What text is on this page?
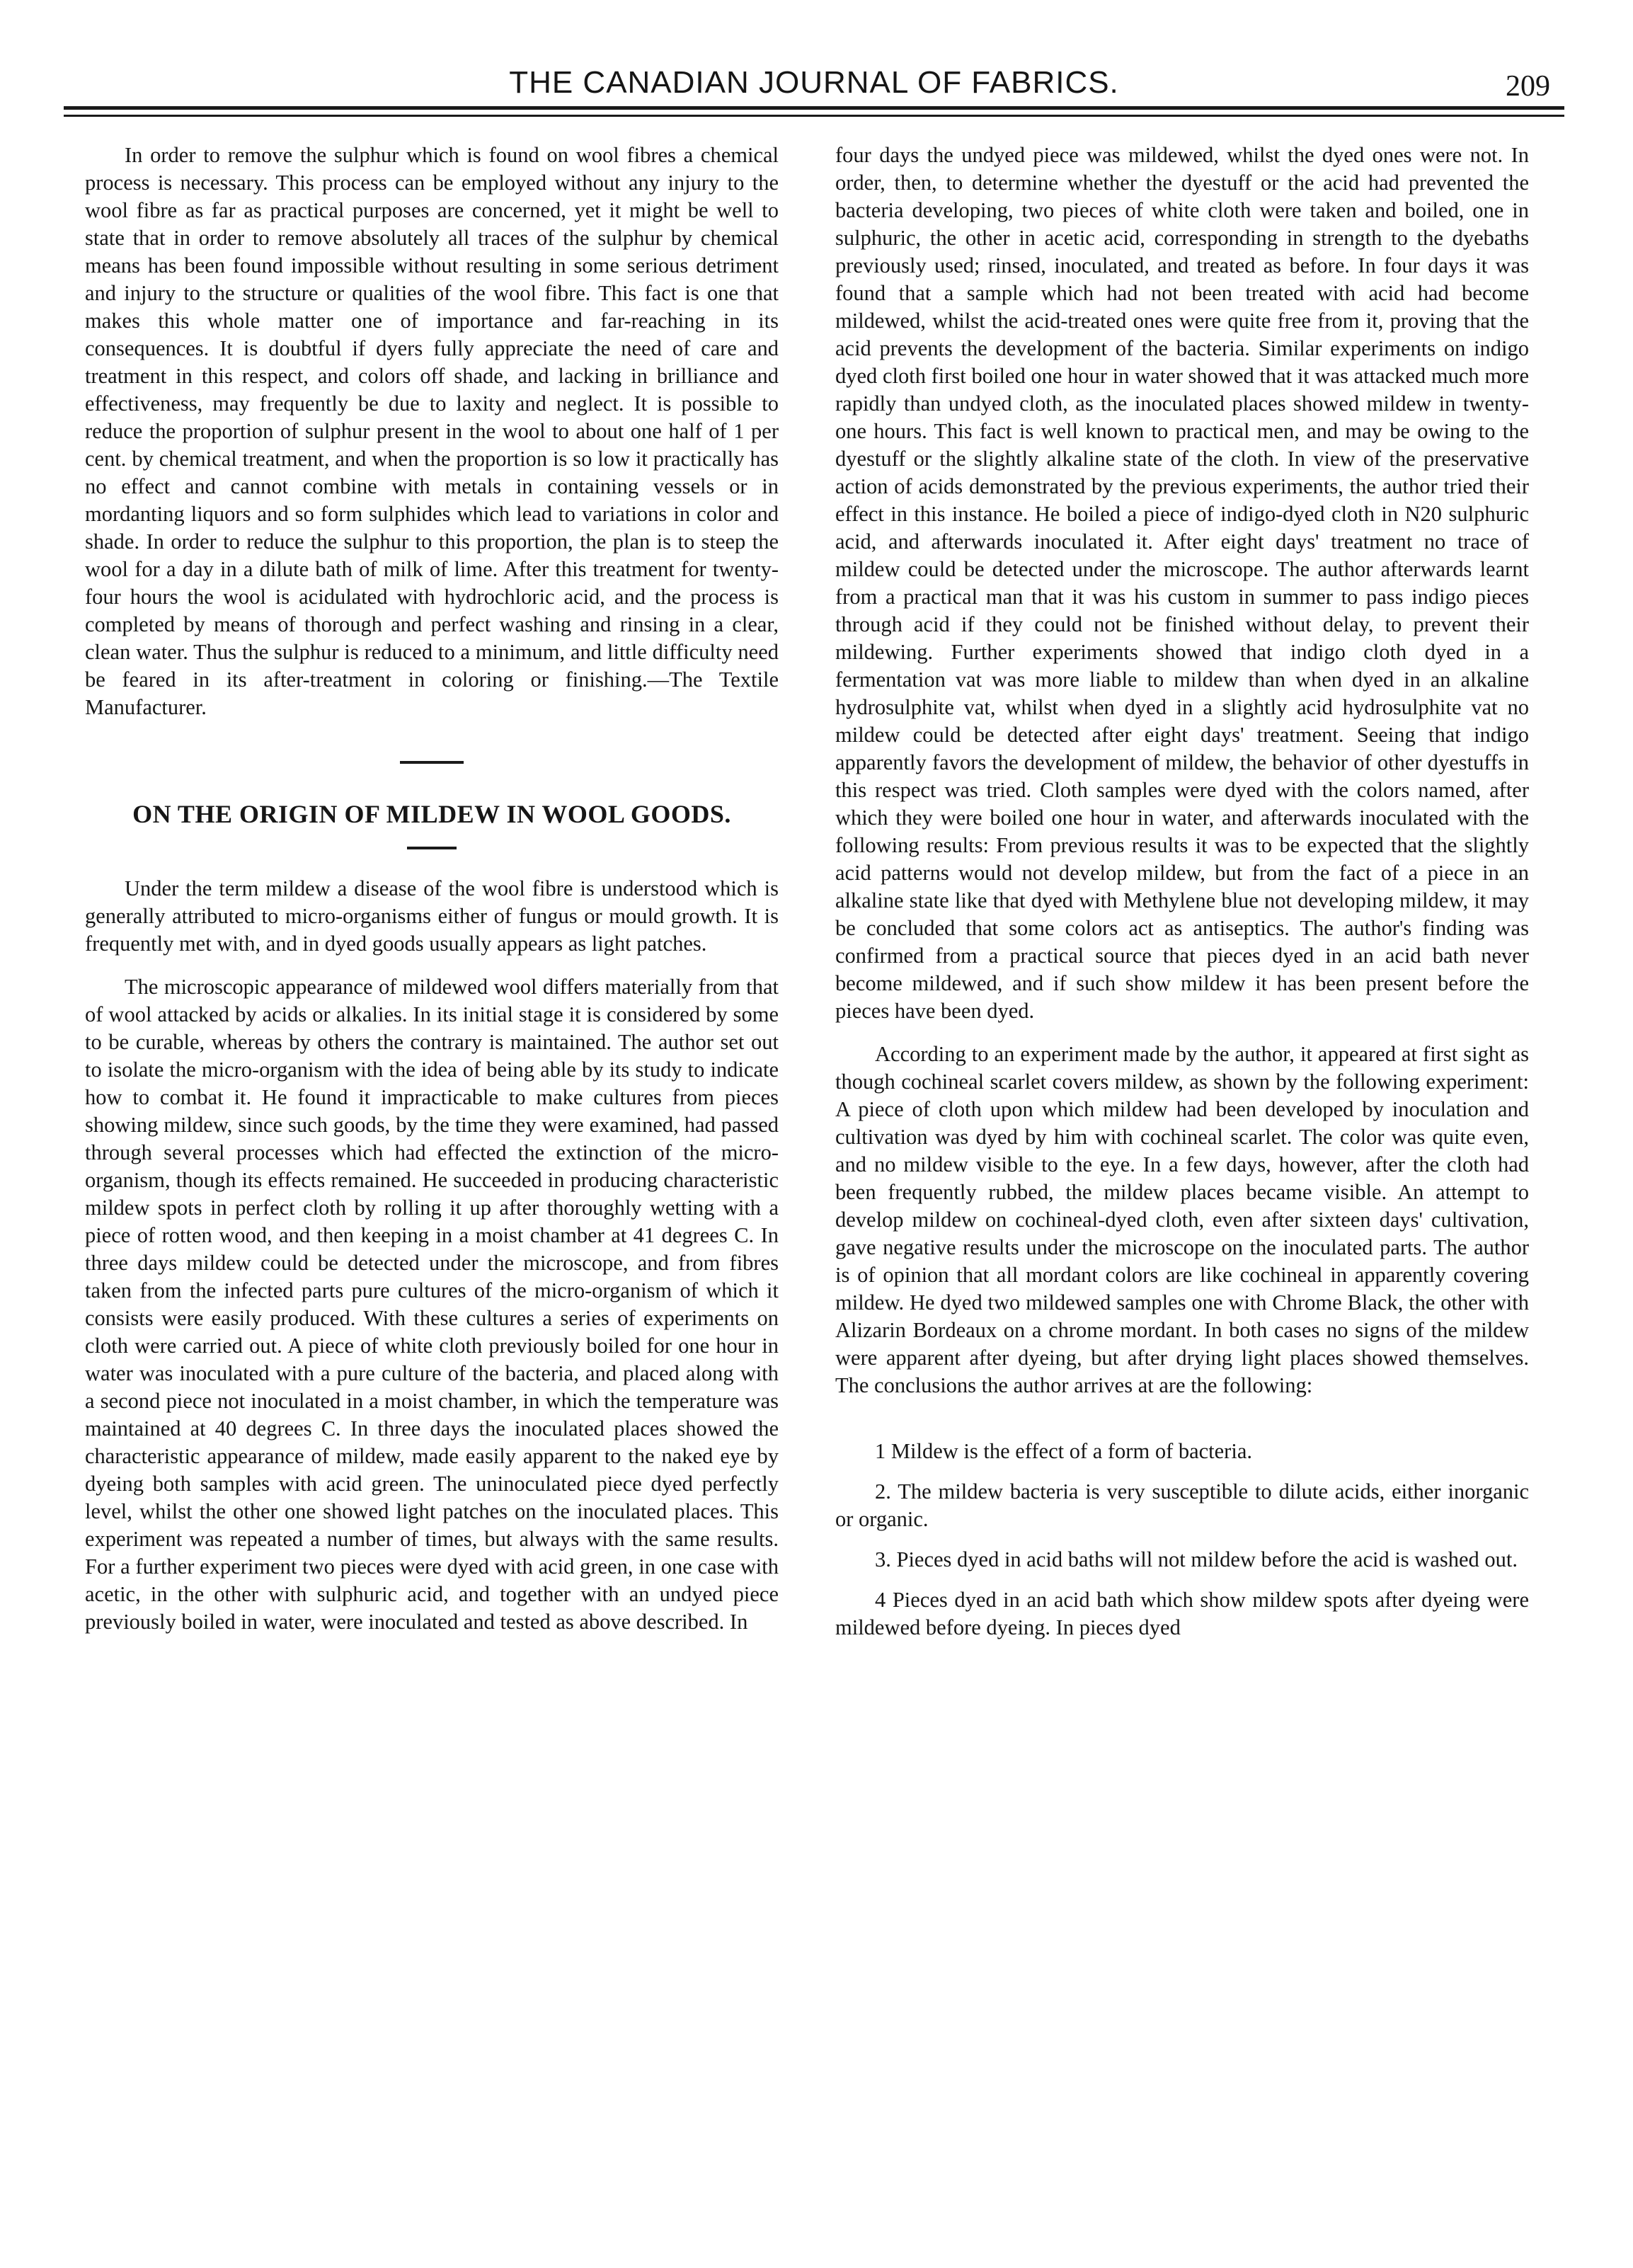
THE CANADIAN JOURNAL OF FABRICS.	209

In order to remove the sulphur which is found on wool fibres a chemical process is necessary. This process can be employed without any injury to the wool fibre as far as practical purposes are concerned, yet it might be well to state that in order to remove absolutely all traces of the sulphur by chemical means has been found impossible without resulting in some serious detriment and injury to the structure or qualities of the wool fibre. This fact is one that makes this whole matter one of importance and far-reaching in its consequences. It is doubtful if dyers fully appreciate the need of care and treatment in this respect, and colors off shade, and lacking in brilliance and effectiveness, may frequently be due to laxity and neglect. It is possible to reduce the proportion of sulphur present in the wool to about one half of 1 per cent. by chemical treatment, and when the proportion is so low it practically has no effect and cannot combine with metals in containing vessels or in mordanting liquors and so form sulphides which lead to variations in color and shade. In order to reduce the sulphur to this proportion, the plan is to steep the wool for a day in a dilute bath of milk of lime. After this treatment for twenty-four hours the wool is acidulated with hydrochloric acid, and the process is completed by means of thorough and perfect washing and rinsing in a clear, clean water. Thus the sulphur is reduced to a minimum, and little difficulty need be feared in its after-treatment in coloring or finishing.—The Textile Manufacturer.

ON THE ORIGIN OF MILDEW IN WOOL GOODS.

Under the term mildew a disease of the wool fibre is understood which is generally attributed to micro-organisms either of fungus or mould growth. It is frequently met with, and in dyed goods usually appears as light patches.

The microscopic appearance of mildewed wool differs materially from that of wool attacked by acids or alkalies. In its initial stage it is considered by some to be curable, whereas by others the contrary is maintained. The author set out to isolate the micro-organism with the idea of being able by its study to indicate how to combat it. He found it impracticable to make cultures from pieces showing mildew, since such goods, by the time they were examined, had passed through several processes which had effected the extinction of the micro-organism, though its effects remained. He succeeded in producing characteristic mildew spots in perfect cloth by rolling it up after thoroughly wetting with a piece of rotten wood, and then keeping in a moist chamber at 41 degrees C. In three days mildew could be detected under the microscope, and from fibres taken from the infected parts pure cultures of the micro-organism of which it consists were easily produced. With these cultures a series of experiments on cloth were carried out. A piece of white cloth previously boiled for one hour in water was inoculated with a pure culture of the bacteria, and placed along with a second piece not inoculated in a moist chamber, in which the temperature was maintained at 40 degrees C. In three days the inoculated places showed the characteristic appearance of mildew, made easily apparent to the naked eye by dyeing both samples with acid green. The uninoculated piece dyed perfectly level, whilst the other one showed light patches on the inoculated places. This experiment was repeated a number of times, but always with the same results. For a further experiment two pieces were dyed with acid green, in one case with acetic, in the other with sulphuric acid, and together with an undyed piece previously boiled in water, were inoculated and tested as above described. In

four days the undyed piece was mildewed, whilst the dyed ones were not. In order, then, to determine whether the dyestuff or the acid had prevented the bacteria developing, two pieces of white cloth were taken and boiled, one in sulphuric, the other in acetic acid, corresponding in strength to the dyebaths previously used; rinsed, inoculated, and treated as before. In four days it was found that a sample which had not been treated with acid had become mildewed, whilst the acid-treated ones were quite free from it, proving that the acid prevents the development of the bacteria. Similar experiments on indigo dyed cloth first boiled one hour in water showed that it was attacked much more rapidly than undyed cloth, as the inoculated places showed mildew in twenty-one hours. This fact is well known to practical men, and may be owing to the dyestuff or the slightly alkaline state of the cloth. In view of the preservative action of acids demonstrated by the previous experiments, the author tried their effect in this instance. He boiled a piece of indigo-dyed cloth in N20 sulphuric acid, and afterwards inoculated it. After eight days' treatment no trace of mildew could be detected under the microscope. The author afterwards learnt from a practical man that it was his custom in summer to pass indigo pieces through acid if they could not be finished without delay, to prevent their mildewing. Further experiments showed that indigo cloth dyed in a fermentation vat was more liable to mildew than when dyed in an alkaline hydrosulphite vat, whilst when dyed in a slightly acid hydrosulphite vat no mildew could be detected after eight days' treatment. Seeing that indigo apparently favors the development of mildew, the behavior of other dyestuffs in this respect was tried. Cloth samples were dyed with the colors named, after which they were boiled one hour in water, and afterwards inoculated with the following results: From previous results it was to be expected that the slightly acid patterns would not develop mildew, but from the fact of a piece in an alkaline state like that dyed with Methylene blue not developing mildew, it may be concluded that some colors act as antiseptics. The author's finding was confirmed from a practical source that pieces dyed in an acid bath never become mildewed, and if such show mildew it has been present before the pieces have been dyed.

According to an experiment made by the author, it appeared at first sight as though cochineal scarlet covers mildew, as shown by the following experiment: A piece of cloth upon which mildew had been developed by inoculation and cultivation was dyed by him with cochineal scarlet. The color was quite even, and no mildew visible to the eye. In a few days, however, after the cloth had been frequently rubbed, the mildew places became visible. An attempt to develop mildew on cochineal-dyed cloth, even after sixteen days' cultivation, gave negative results under the microscope on the inoculated parts. The author is of opinion that all mordant colors are like cochineal in apparently covering mildew. He dyed two mildewed samples one with Chrome Black, the other with Alizarin Bordeaux on a chrome mordant. In both cases no signs of the mildew were apparent after dyeing, but after drying light places showed themselves. The conclusions the author arrives at are the following:

1 Mildew is the effect of a form of bacteria.
2. The mildew bacteria is very susceptible to dilute acids, either inorganic or organic.
3. Pieces dyed in acid baths will not mildew before the acid is washed out.
4 Pieces dyed in an acid bath which show mildew spots after dyeing were mildewed before dyeing. In pieces dyed
